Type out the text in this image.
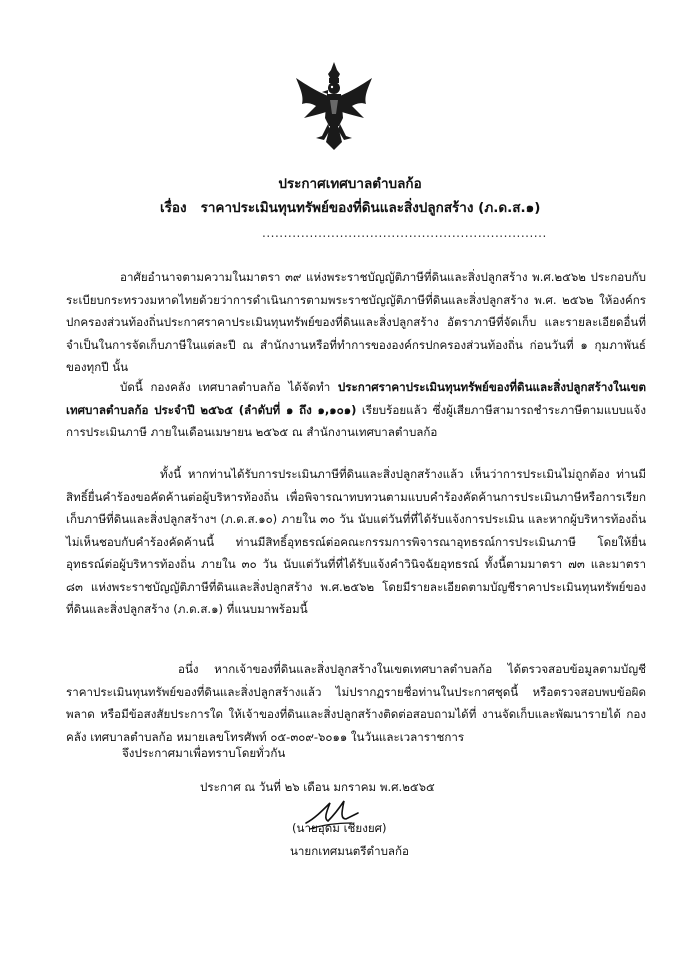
ประกาศเทศบาลตำบลก้อ
เรื่อง ราคาประเมินทุนทรัพย์ของที่ดินและสิ่งปลูกสร้าง (ภ.ด.ส.๑)
..................................................................
อาศัยอำนาจตามความในมาตรา ๓๙ แห่งพระราชบัญญัติภาษีที่ดินและสิ่งปลูกสร้าง พ.ศ.๒๕๖๒ ประกอบกับระเบียบกระทรวงมหาดไทยด้วยว่าการดำเนินการตามพระราชบัญญัติภาษีที่ดินและสิ่งปลูกสร้าง พ.ศ. ๒๕๖๒ ให้องค์กรปกครองส่วนท้องถิ่นประกาศราคาประเมินทุนทรัพย์ของที่ดินและสิ่งปลูกสร้าง อัตราภาษีที่จัดเก็บ และรายละเอียดอื่นที่จำเป็นในการจัดเก็บภาษีในแต่ละปี ณ สำนักงานหรือที่ทำการขององค์กรปกครองส่วนท้องถิ่น ก่อนวันที่ ๑ กุมภาพันธ์ของทุกปี นั้น
บัดนี้ กองคลัง เทศบาลตำบลก้อ ได้จัดทำ ประกาศราคาประเมินทุนทรัพย์ของที่ดินและสิ่งปลูกสร้างในเขตเทศบาลตำบลก้อ ประจำปี ๒๕๖๕ (ลำดับที่ ๑ ถึง ๑,๑๐๑) เรียบร้อยแล้ว ซึ่งผู้เสียภาษีสามารถชำระภาษีตามแบบแจ้งการประเมินภาษี ภายในเดือนเมษายน ๒๕๖๕ ณ สำนักงานเทศบาลตำบลก้อ
ทั้งนี้ หากท่านได้รับการประเมินภาษีที่ดินและสิ่งปลูกสร้างแล้ว เห็นว่าการประเมินไม่ถูกต้อง ท่านมีสิทธิ์ยื่นคำร้องขอคัดค้านต่อผู้บริหารท้องถิ่น เพื่อพิจารณาทบทวนตามแบบคำร้องคัดค้านการประเมินภาษีหรือการเรียกเก็บภาษีที่ดินและสิ่งปลูกสร้างฯ (ภ.ด.ส.๑๐) ภายใน ๓๐ วัน นับแต่วันที่ที่ได้รับแจ้งการประเมิน และหากผู้บริหารท้องถิ่นไม่เห็นชอบกับคำร้องคัดค้านนี้ ท่านมีสิทธิ์อุทธรณ์ต่อคณะกรรมการพิจารณาอุทธรณ์การประเมินภาษี โดยให้ยื่นอุทธรณ์ต่อผู้บริหารท้องถิ่น ภายใน ๓๐ วัน นับแต่วันที่ที่ได้รับแจ้งคำวินิจฉัยอุทธรณ์ ทั้งนี้ตามมาตรา ๗๓ และมาตรา ๘๓ แห่งพระราชบัญญัติภาษีที่ดินและสิ่งปลูกสร้าง พ.ศ.๒๕๖๒ โดยมีรายละเอียดตามบัญชีราคาประเมินทุนทรัพย์ของที่ดินและสิ่งปลูกสร้าง (ภ.ด.ส.๑) ที่แนบมาพร้อมนี้
อนึ่ง หากเจ้าของที่ดินและสิ่งปลูกสร้างในเขตเทศบาลตำบลก้อ ได้ตรวจสอบข้อมูลตามบัญชีราคาประเมินทุนทรัพย์ของที่ดินและสิ่งปลูกสร้างแล้ว ไม่ปรากฏรายชื่อท่านในประกาศชุดนี้ หรือตรวจสอบพบข้อผิดพลาด หรือมีข้อสงสัยประการใด ให้เจ้าของที่ดินและสิ่งปลูกสร้างติดต่อสอบถามได้ที่ งานจัดเก็บและพัฒนารายได้ กองคลัง เทศบาลตำบลก้อ หมายเลขโทรศัพท์ ๐๕-๓๐๙-๖๐๑๑ ในวันและเวลาราชการ
จึงประกาศมาเพื่อทราบโดยทั่วกัน
ประกาศ ณ วันที่ ๒๖ เดือน มกราคม พ.ศ.๒๕๖๕
(นายอุดม เชียงยศ)
นายกเทศมนตรีตำบลก้อ
